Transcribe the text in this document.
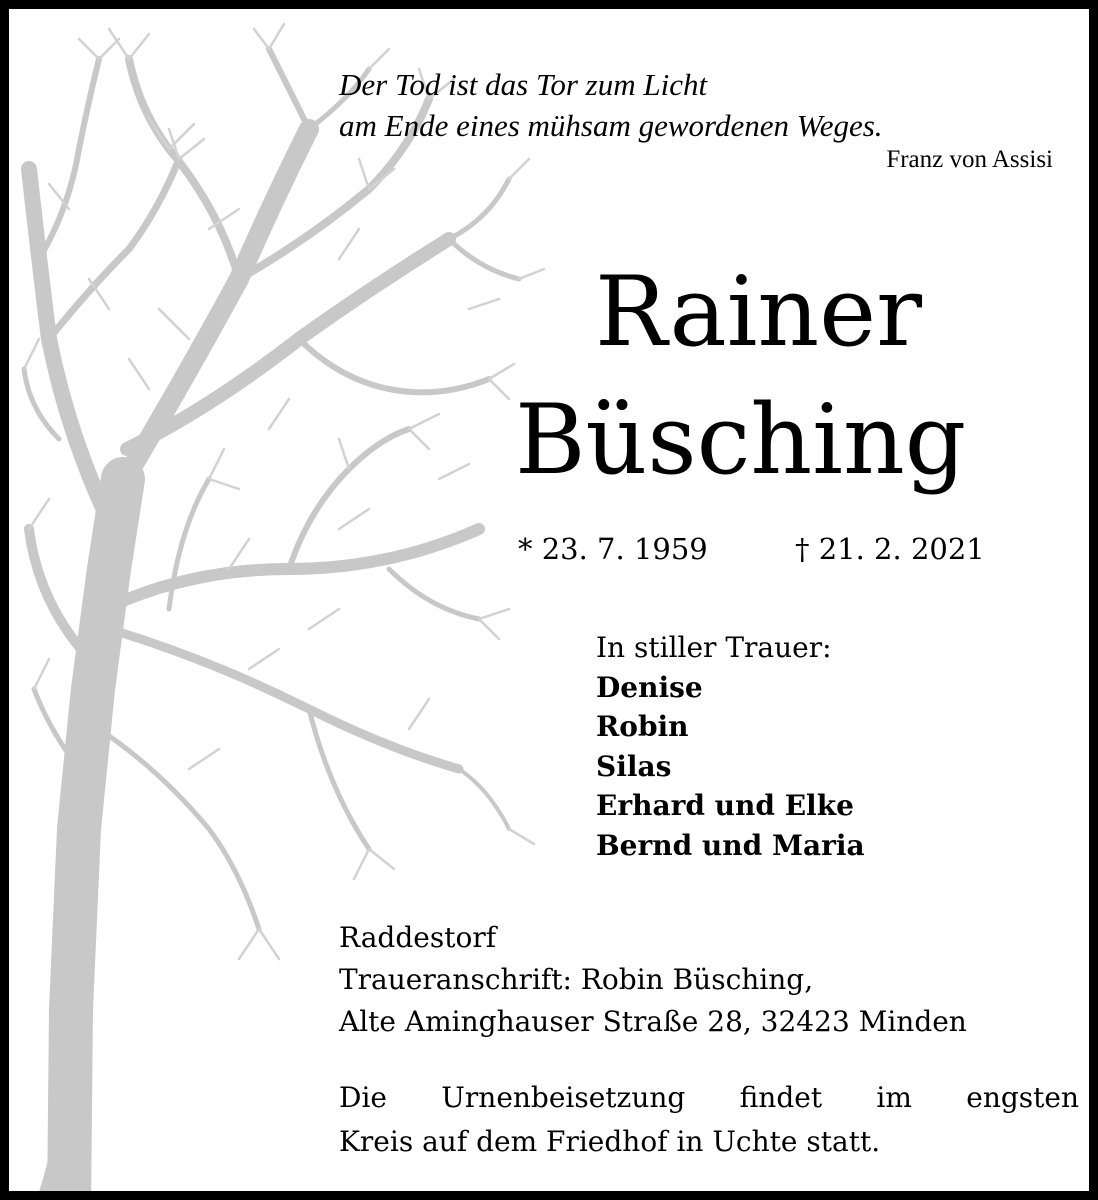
Der Tod ist das Tor zum Licht
am Ende eines mühsam gewordenen Weges.
Franz von Assisi
Rainer
Büsching
* 23. 7. 1959	† 21. 2. 2021
In stiller Trauer:
Denise
Robin
Silas
Erhard und Elke
Bernd und Maria
Raddestorf
Traueranschrift: Robin Büsching,
Alte Aminghauser Straße 28, 32423 Minden
Die Urnenbeisetzung findet im engsten
Kreis auf dem Friedhof in Uchte statt.
